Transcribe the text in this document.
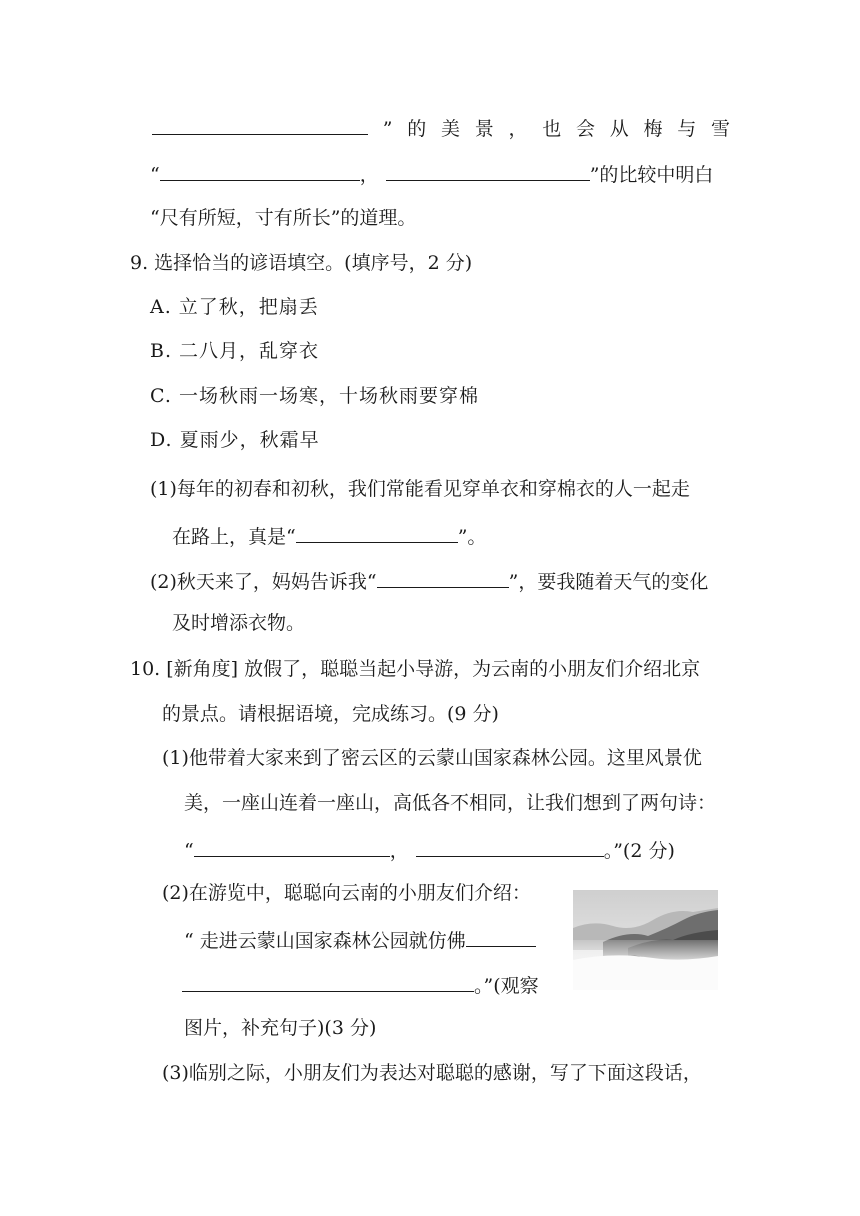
” 的 美 景 ， 也 会 从 梅 与 雪
“	，	”的比较中明白
“尺有所短，寸有所长”的道理。
9. 选择恰当的谚语填空。(填序号，2 分)
A. 立了秋，把扇丢
B. 二八月，乱穿衣
C. 一场秋雨一场寒，十场秋雨要穿棉
D. 夏雨少，秋霜早
(1)每年的初春和初秋，我们常能看见穿单衣和穿棉衣的人一起走
在路上，真是“	”。
(2)秋天来了，妈妈告诉我“	”，要我随着天气的变化
及时增添衣物。
10. [新角度] 放假了，聪聪当起小导游，为云南的小朋友们介绍北京
的景点。请根据语境，完成练习。(9 分)
(1)他带着大家来到了密云区的云蒙山国家森林公园。这里风景优
美，一座山连着一座山，高低各不相同，让我们想到了两句诗：
“	，	。”(2 分)
(2)在游览中，聪聪向云南的小朋友们介绍：
“ 走进云蒙山国家森林公园就仿佛
。”(观察
图片，补充句子)(3 分)
(3)临别之际，小朋友们为表达对聪聪的感谢，写了下面这段话，
